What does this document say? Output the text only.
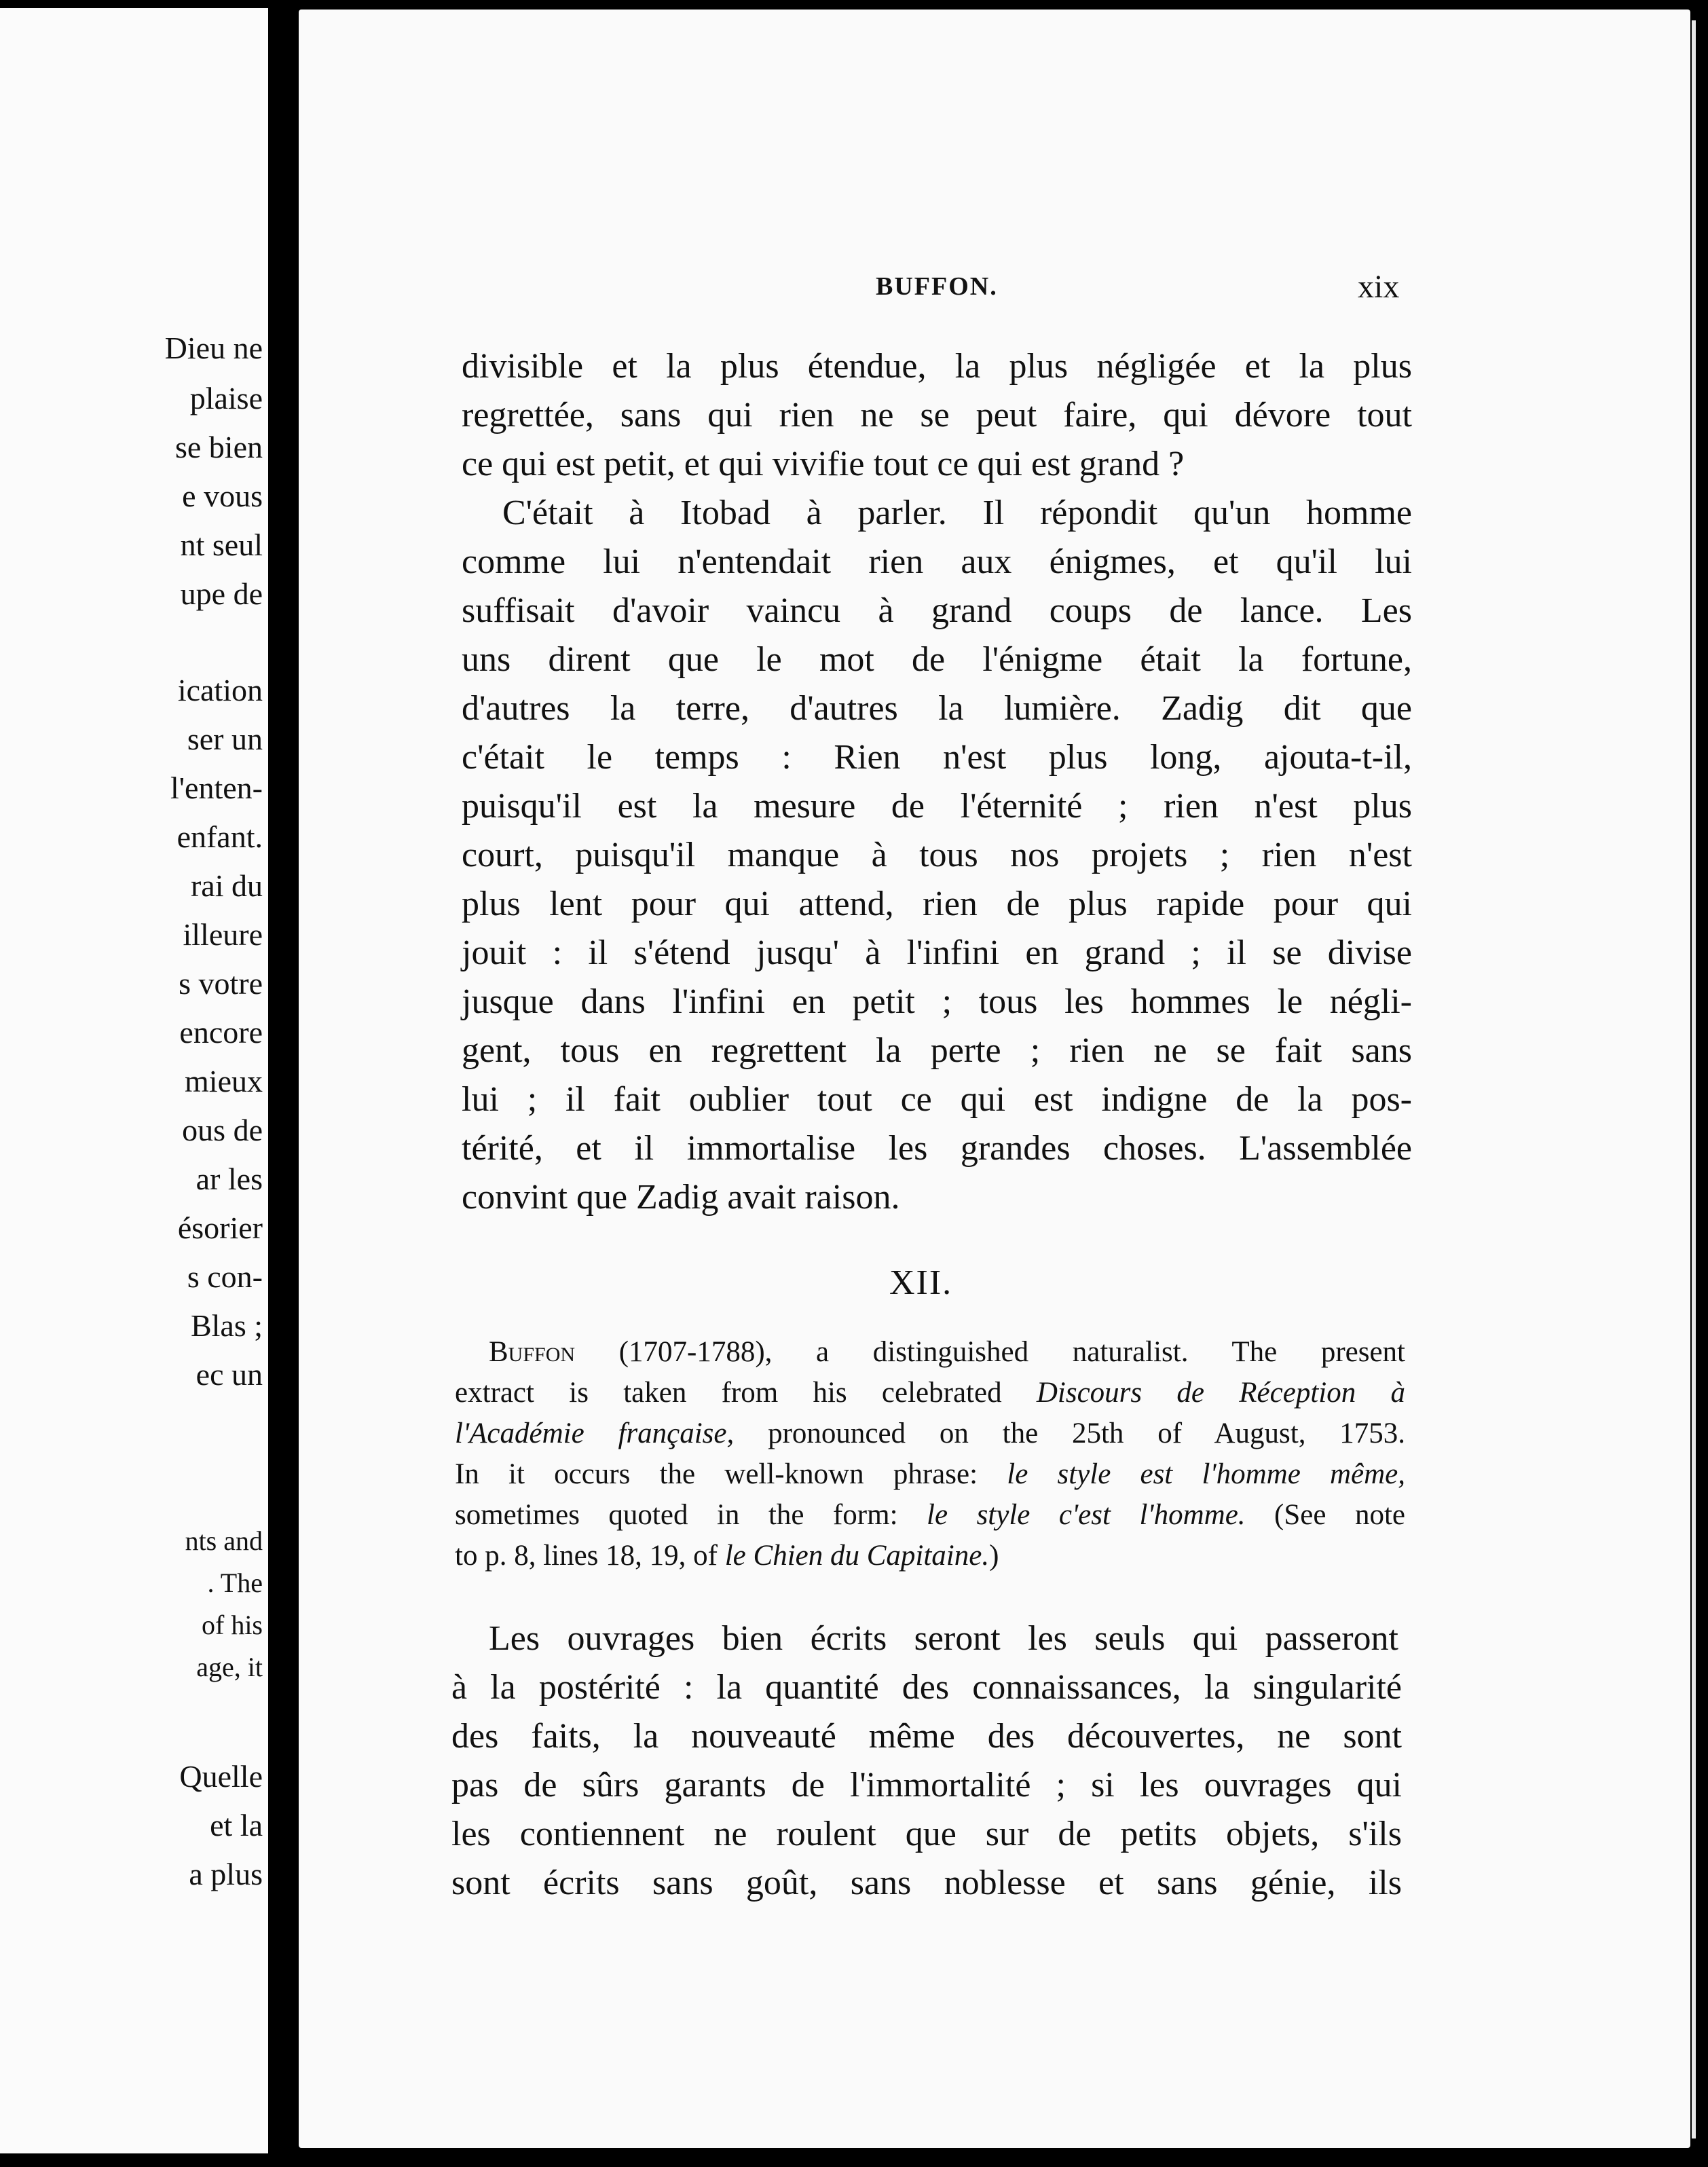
Dieu ne
plaise
se bien
e vous
nt seul
upe de
ication
ser un
l'enten-
enfant.
rai du
illeure
s votre
encore
mieux
ous de
ar les
ésorier
s con-
Blas ;
ec un
nts and
. The
of his
age, it
Quelle
et la
a plus
BUFFON.	xix
divisible et la plus étendue, la plus négligée et la plus
regrettée, sans qui rien ne se peut faire, qui dévore tout
ce qui est petit, et qui vivifie tout ce qui est grand ?
C'était à Itobad à parler. Il répondit qu'un homme
comme lui n'entendait rien aux énigmes, et qu'il lui
suffisait d'avoir vaincu à grand coups de lance. Les
uns dirent que le mot de l'énigme était la fortune,
d'autres la terre, d'autres la lumière. Zadig dit que
c'était le temps : Rien n'est plus long, ajouta-t-il,
puisqu'il est la mesure de l'éternité ; rien n'est plus
court, puisqu'il manque à tous nos projets ; rien n'est
plus lent pour qui attend, rien de plus rapide pour qui
jouit : il s'étend jusqu' à l'infini en grand ; il se divise
jusque dans l'infini en petit ; tous les hommes le négli-
gent, tous en regrettent la perte ; rien ne se fait sans
lui ; il fait oublier tout ce qui est indigne de la pos-
térité, et il immortalise les grandes choses. L'assemblée
convint que Zadig avait raison.
XII.
Buffon (1707-1788), a distinguished naturalist. The present
extract is taken from his celebrated Discours de Réception à
l'Académie française, pronounced on the 25th of August, 1753.
In it occurs the well-known phrase: le style est l'homme même,
sometimes quoted in the form: le style c'est l'homme. (See note
to p. 8, lines 18, 19, of le Chien du Capitaine.)
Les ouvrages bien écrits seront les seuls qui passeront
à la postérité : la quantité des connaissances, la singularité
des faits, la nouveauté même des découvertes, ne sont
pas de sûrs garants de l'immortalité ; si les ouvrages qui
les contiennent ne roulent que sur de petits objets, s'ils
sont écrits sans goût, sans noblesse et sans génie, ils
